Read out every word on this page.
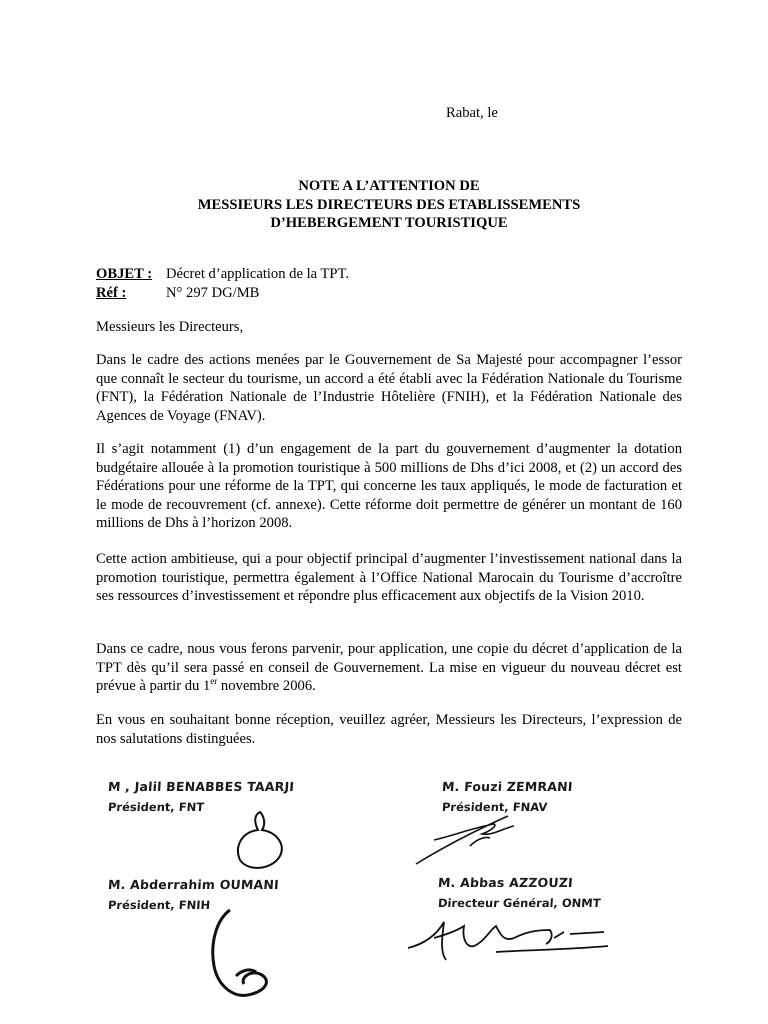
Rabat, le
NOTE A L’ATTENTION DE
MESSIEURS LES DIRECTEURS DES ETABLISSEMENTS
D’HEBERGEMENT TOURISTIQUE
OBJET : Décret d’application de la TPT.
Réf :	N° 297 DG/MB
Messieurs les Directeurs,
Dans le cadre des actions menées par le Gouvernement de Sa Majesté pour accompagner l’essor que connaît le secteur du tourisme, un accord a été établi avec la Fédération Nationale du Tourisme (FNT), la Fédération Nationale de l’Industrie Hôtelière (FNIH), et la Fédération Nationale des Agences de Voyage (FNAV).
Il s’agit notamment (1) d’un engagement de la part du gouvernement d’augmenter la dotation budgétaire allouée à la promotion touristique à 500 millions de Dhs d’ici 2008, et (2) un accord des Fédérations pour une réforme de la TPT, qui concerne les taux appliqués, le mode de facturation et le mode de recouvrement (cf. annexe). Cette réforme doit permettre de générer un montant de 160 millions de Dhs à l’horizon 2008.
Cette action ambitieuse, qui a pour objectif principal d’augmenter l’investissement national dans la promotion touristique, permettra également à l’Office National Marocain du Tourisme d’accroître ses ressources d’investissement et répondre plus efficacement aux objectifs de la Vision 2010.
Dans ce cadre, nous vous ferons parvenir, pour application, une copie du décret d’application de la TPT dès qu’il sera passé en conseil de Gouvernement. La mise en vigueur du nouveau décret est prévue à partir du 1er novembre 2006.
En vous en souhaitant bonne réception, veuillez agréer, Messieurs les Directeurs, l’expression de nos salutations distinguées.
M , Jalil BENABBES TAARJI
Président, FNT
M. Fouzi ZEMRANI
Président, FNAV
M. Abderrahim OUMANI
Président, FNIH
M. Abbas AZZOUZI
Directeur Général, ONMT
